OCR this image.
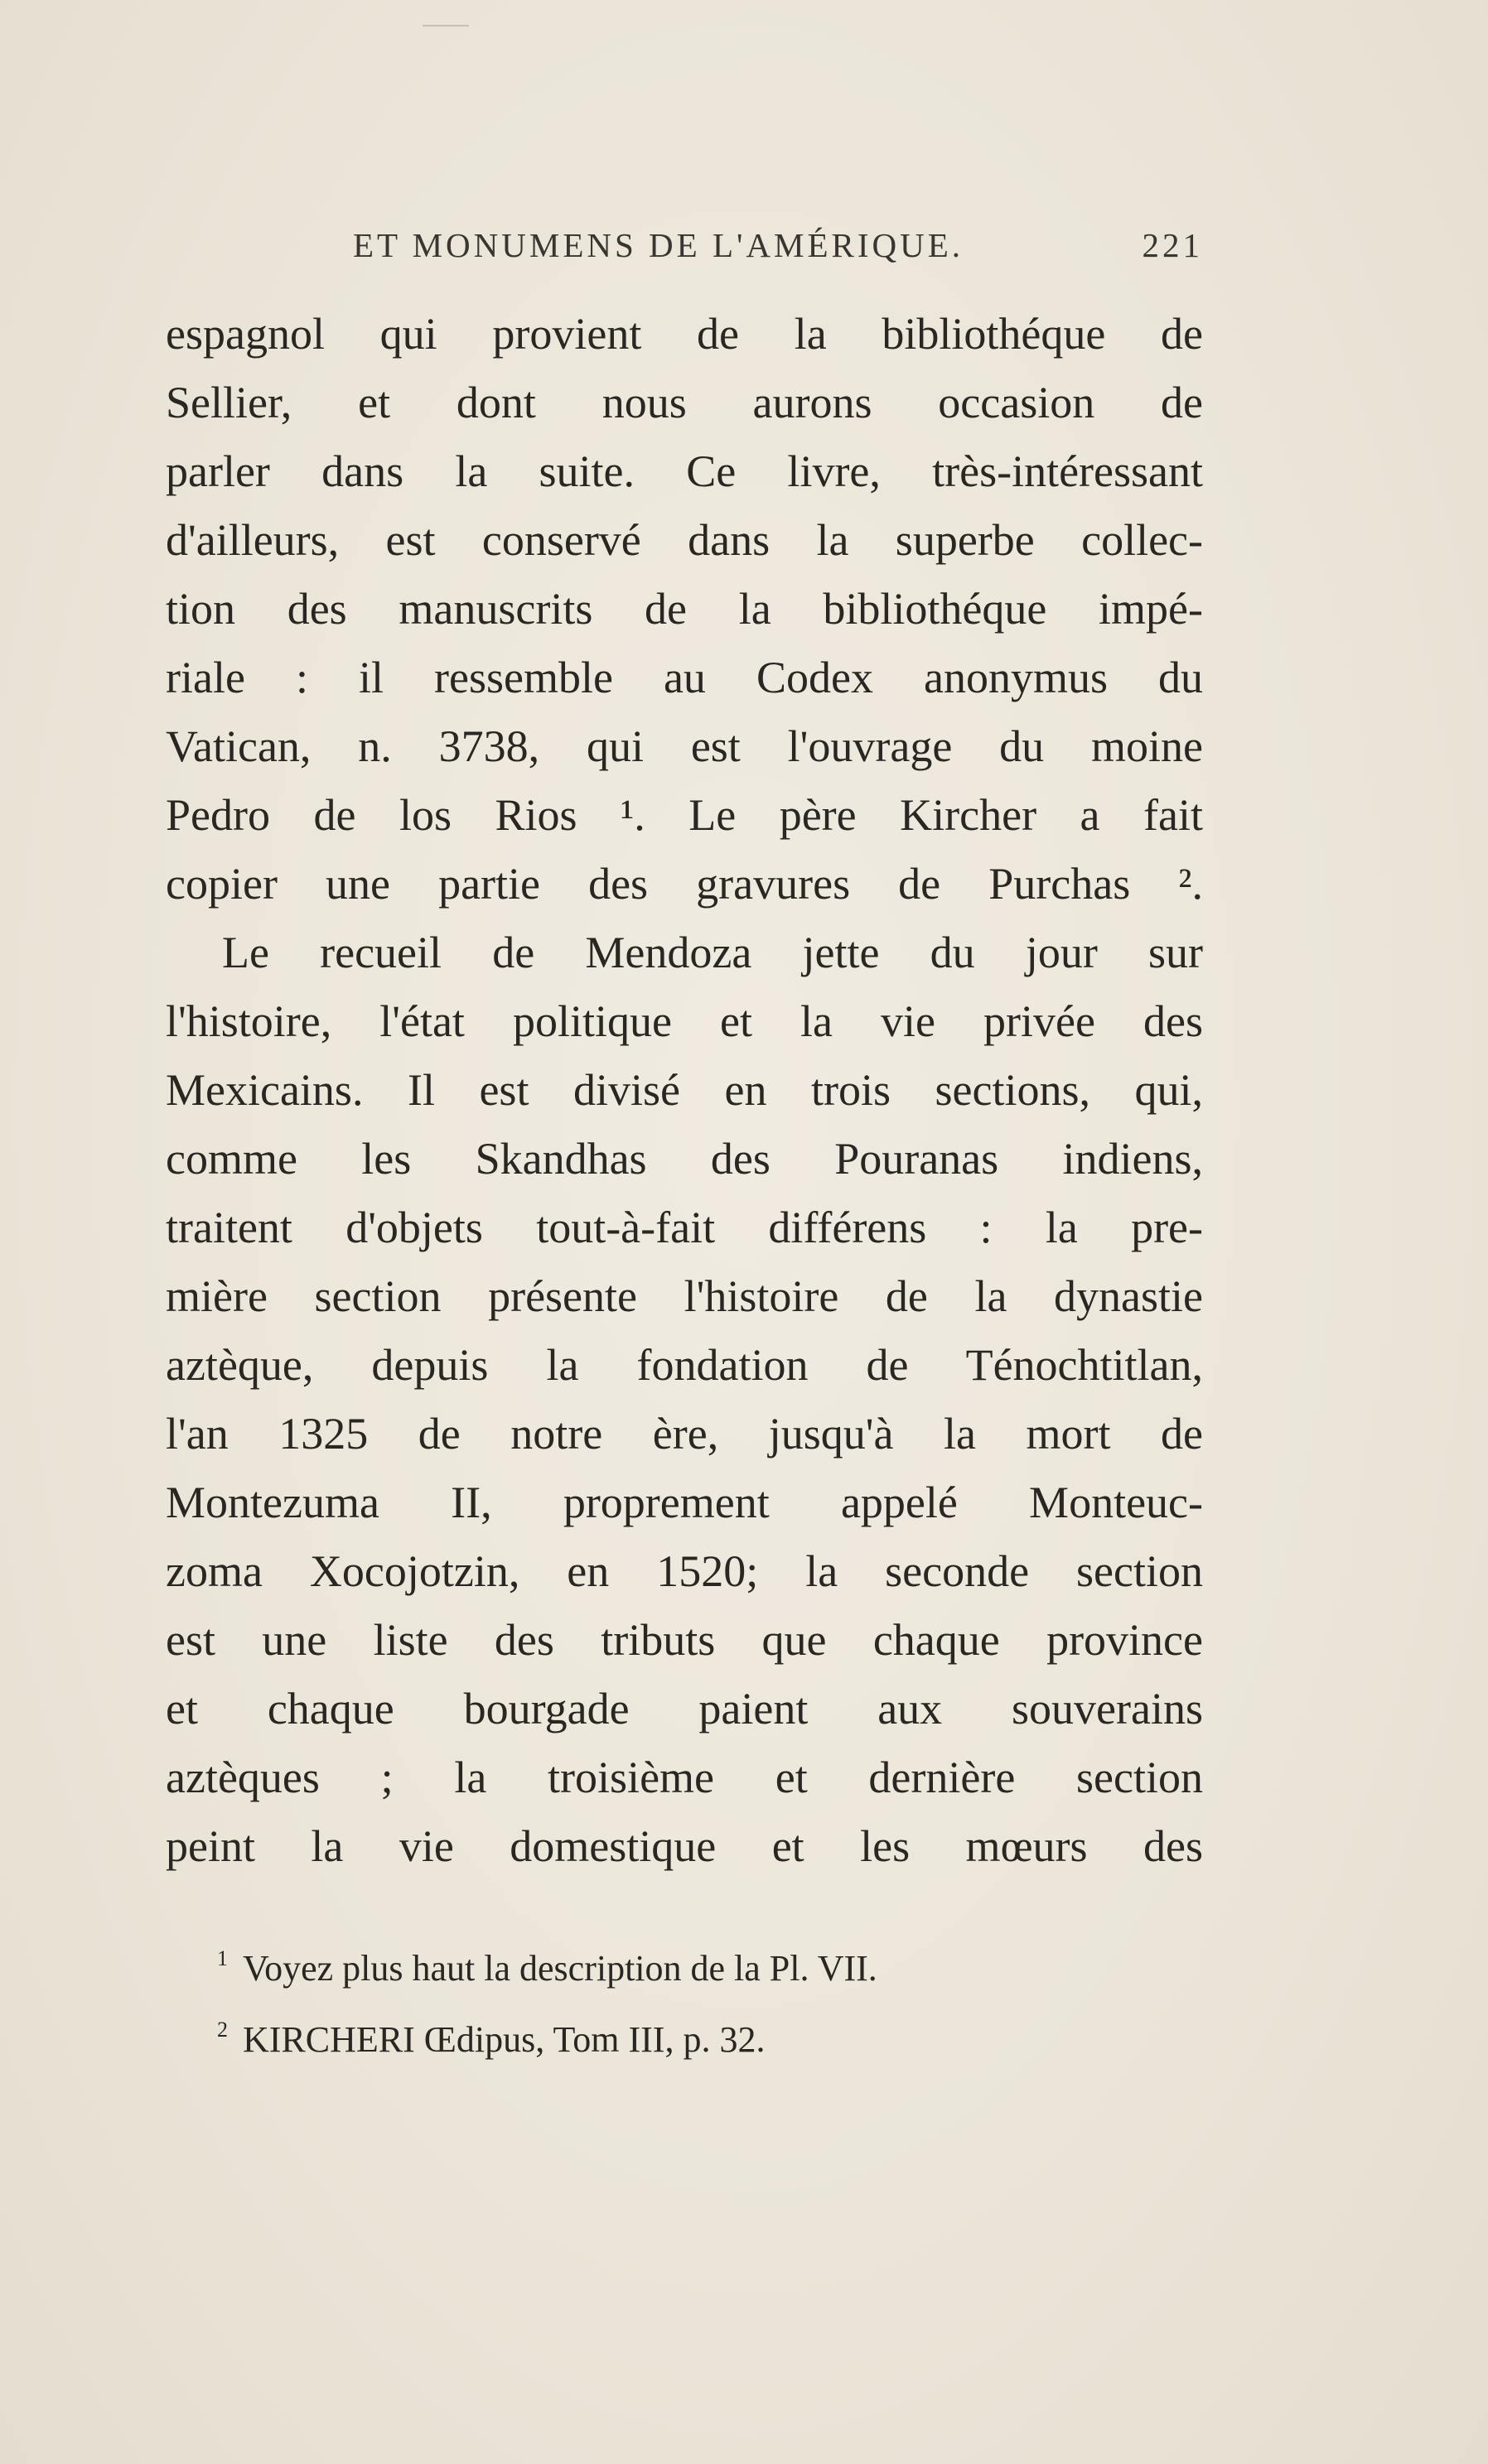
ET MONUMENS DE L'AMÉRIQUE.	221
espagnol qui provient de la bibliothéque de
Sellier, et dont nous aurons occasion de
parler dans la suite. Ce livre, très-intéressant
d'ailleurs, est conservé dans la superbe collec-
tion des manuscrits de la bibliothéque impé-
riale : il ressemble au Codex anonymus du
Vatican, n. 3738, qui est l'ouvrage du moine
Pedro de los Rios ¹. Le père Kircher a fait
copier une partie des gravures de Purchas ².
Le recueil de Mendoza jette du jour sur
l'histoire, l'état politique et la vie privée des
Mexicains. Il est divisé en trois sections, qui,
comme les Skandhas des Pouranas indiens,
traitent d'objets tout-à-fait différens : la pre-
mière section présente l'histoire de la dynastie
aztèque, depuis la fondation de Ténochtitlan,
l'an 1325 de notre ère, jusqu'à la mort de
Montezuma II, proprement appelé Monteuc-
zoma Xocojotzin, en 1520; la seconde section
est une liste des tributs que chaque province
et chaque bourgade paient aux souverains
aztèques ; la troisième et dernière section
peint la vie domestique et les mœurs des
$^1$ Voyez plus haut la description de la Pl. VII.
$^2$ KIRCHERI Œdipus, Tom III, p. 32.
